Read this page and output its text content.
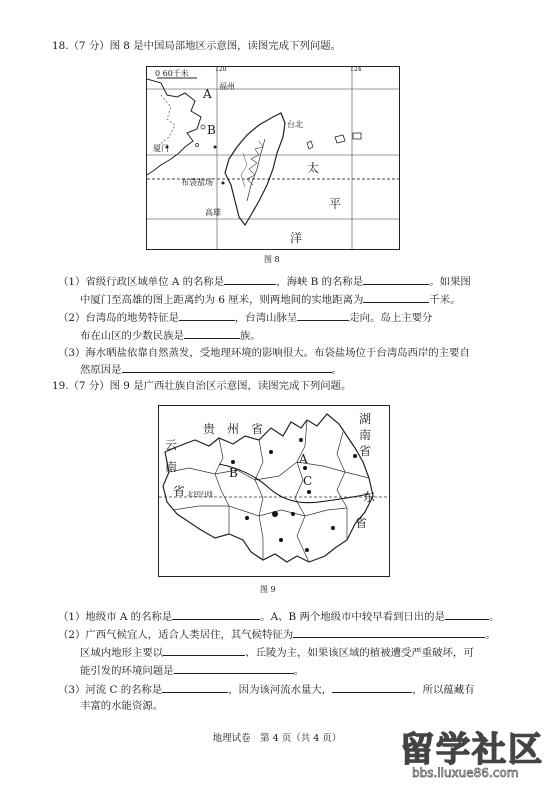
18.（7 分）图 8 是中国局部地区示意图，读图完成下列问题。
0 60千米	120	124
福州
A
B
厦门
台北
布袋盐场
高雄
太
平
洋
图 8
（1）省级行政区域单位 A 的名称是	，海峡 B 的名称是	。如果图
中厦门至高雄的图上距离约为 6 厘米，则两地间的实地距离为	千米。
（2）台湾岛的地势特征是	，台湾山脉呈	走向。岛上主要分
布在山区的少数民族是	族。
（3）海水晒盐依靠自然蒸发，受地理环境的影响很大。布袋盐场位于台湾岛西岸的主要自
然原因是	。
19.（7 分）图 9 是广西壮族自治区示意图，读图完成下列问题。
贵　州　省
云
南
省
湖
南
省
东
省
A
B
C
北回归线
图 9
（1）地级市 A 的名称是	。A、B 两个地级市中较早看到日出的是	。
（2）广西气候宜人，适合人类居住，其气候特征为	。
区域内地形主要以	、丘陵为主，如果该区域的植被遭受严重破坏，可
能引发的环境问题是	。
（3）河流 C 的名称是	，因为该河流水量大，	，所以蕴藏有
丰富的水能资源。
地理试卷　第 4 页（共 4 页）	留学社区
bbs.liuxue86.com
